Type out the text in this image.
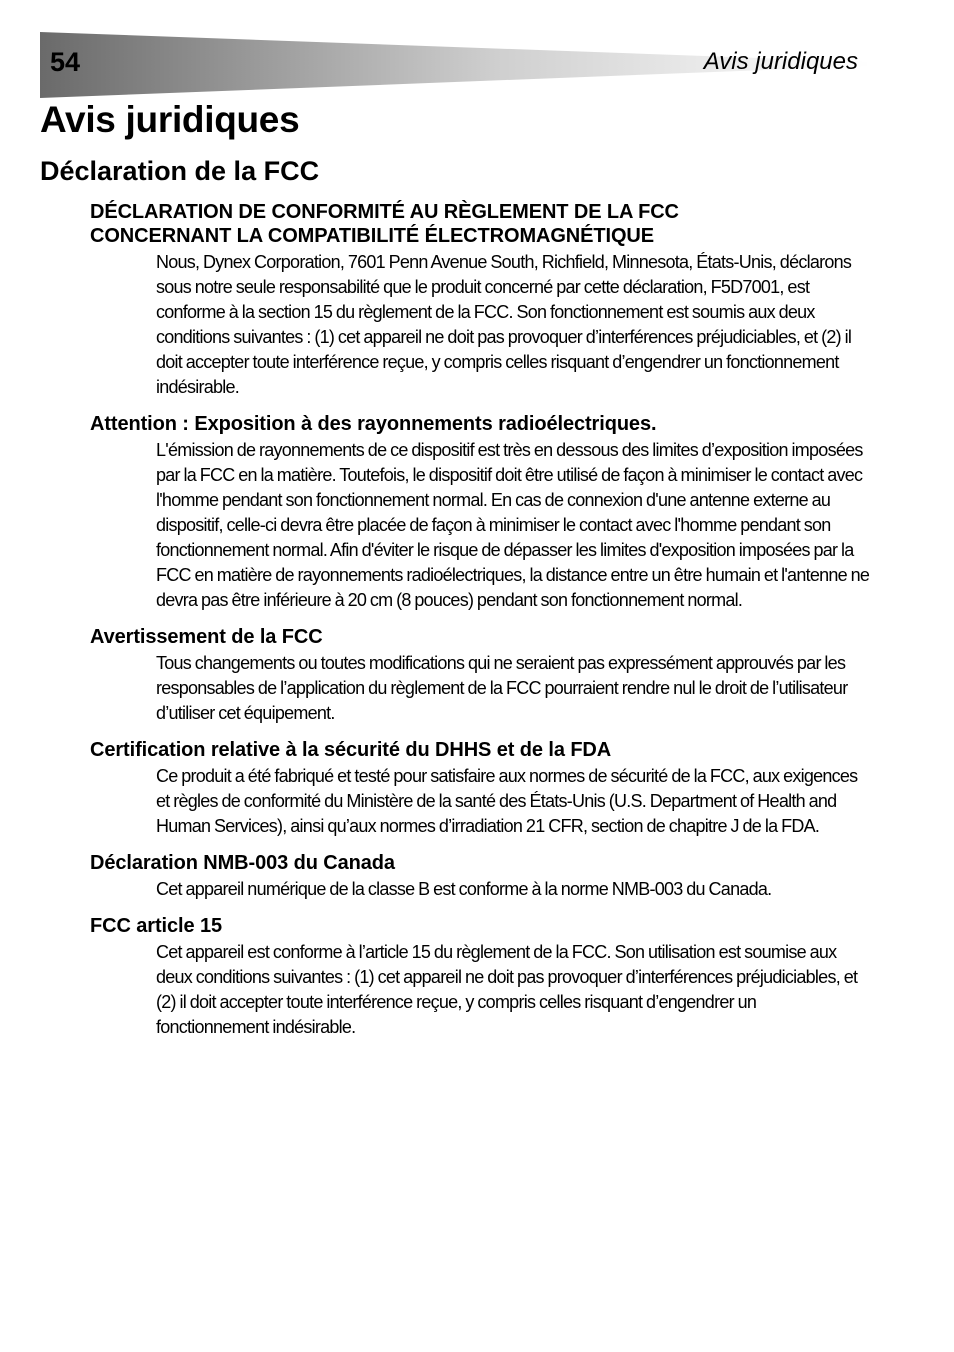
54	Avis juridiques
Avis juridiques
Déclaration de la FCC
DÉCLARATION DE CONFORMITÉ AU RÈGLEMENT DE LA FCC CONCERNANT LA COMPATIBILITÉ ÉLECTROMAGNÉTIQUE

Nous, Dynex Corporation, 7601 Penn Avenue South, Richfield, Minnesota, États-Unis, déclarons sous notre seule responsabilité que le produit concerné par cette déclaration, F5D7001, est conforme à la section 15 du règlement de la FCC. Son fonctionnement est soumis aux deux conditions suivantes : (1) cet appareil ne doit pas provoquer d’interférences préjudiciables, et (2) il doit accepter toute interférence reçue, y compris celles risquant d’engendrer un fonctionnement indésirable.

Attention : Exposition à des rayonnements radioélectriques.

L'émission de rayonnements de ce dispositif est très en dessous des limites d’exposition imposées par la FCC en la matière. Toutefois, le dispositif doit être utilisé de façon à minimiser le contact avec l'homme pendant son fonctionnement normal. En cas de connexion d'une antenne externe au dispositif, celle-ci devra être placée de façon à minimiser le contact avec l'homme pendant son fonctionnement normal. Afin d'éviter le risque de dépasser les limites d'exposition imposées par la FCC en matière de rayonnements radioélectriques, la distance entre un être humain et l'antenne ne devra pas être inférieure à 20 cm (8 pouces) pendant son fonctionnement normal.

Avertissement de la FCC

Tous changements ou toutes modifications qui ne seraient pas expressément approuvés par les responsables de l’application du règlement de la FCC pourraient rendre nul le droit de l’utilisateur d’utiliser cet équipement.

Certification relative à la sécurité du DHHS et de la FDA

Ce produit a été fabriqué et testé pour satisfaire aux normes de sécurité de la FCC, aux exigences et règles de conformité du Ministère de la santé des États-Unis (U.S. Department of Health and Human Services), ainsi qu’aux normes d’irradiation 21 CFR, section de chapitre J de la FDA.

Déclaration NMB-003 du Canada

Cet appareil numérique de la classe B est conforme à la norme NMB-003 du Canada.

FCC article 15

Cet appareil est conforme à l’article 15 du règlement de la FCC. Son utilisation est soumise aux deux conditions suivantes : (1) cet appareil ne doit pas provoquer d’interférences préjudiciables, et (2) il doit accepter toute interférence reçue, y compris celles risquant d’engendrer un fonctionnement indésirable.
